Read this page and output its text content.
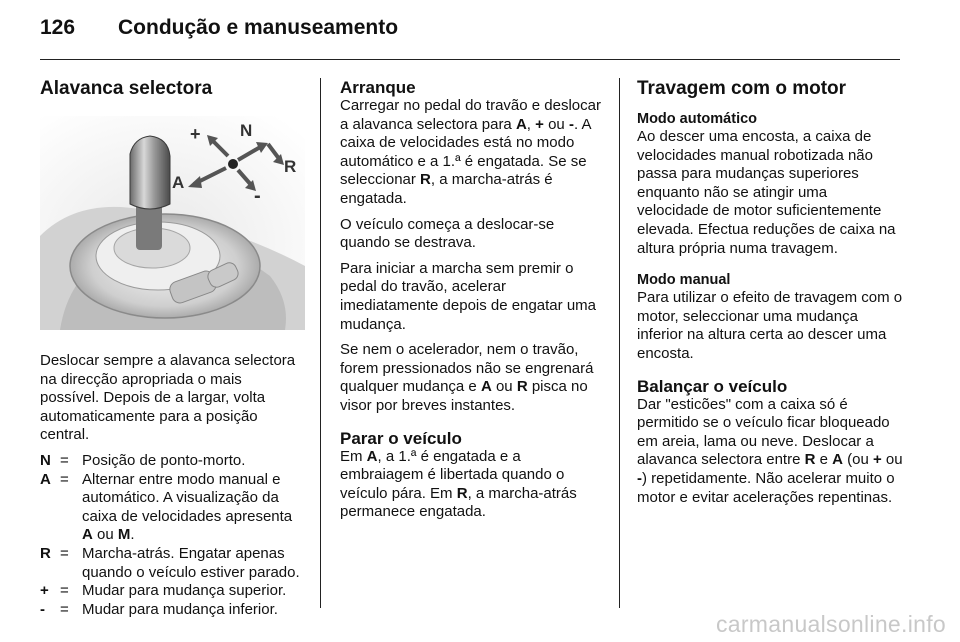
126 Condução e manuseamento
Alavanca selectora
+ N
R
A
-

Deslocar sempre a alavanca selectora na direcção apropriada o mais possível. Depois de a largar, volta automaticamente para a posição central.

N = Posição de ponto-morto.
A = Alternar entre modo manual e automático. A visualização da caixa de velocidades apresenta A ou M.
R = Marcha-atrás. Engatar apenas quando o veículo estiver parado.
+ = Mudar para mudança superior.
-	= Mudar para mudança inferior.
Arranque

Carregar no pedal do travão e deslocar a alavanca selectora para A, + ou -. A caixa de velocidades está no modo automático e a 1.ª é engatada. Se se seleccionar R, a marcha-atrás é engatada.

O veículo começa a deslocar-se quando se destrava.

Para iniciar a marcha sem premir o pedal do travão, acelerar imediatamente depois de engatar uma mudança.

Se nem o acelerador, nem o travão, forem pressionados não se engrenará qualquer mudança e A ou R pisca no visor por breves instantes.

Parar o veículo

Em A, a 1.ª é engatada e a embraiagem é libertada quando o veículo pára. Em R, a marcha-atrás permanece engatada.

Travagem com o motor
Modo automático

Ao descer uma encosta, a caixa de velocidades manual robotizada não passa para mudanças superiores enquanto não se atingir uma velocidade de motor suficientemente elevada. Efectua reduções de caixa na altura própria numa travagem.

Modo manual

Para utilizar o efeito de travagem com o motor, seleccionar uma mudança inferior na altura certa ao descer uma encosta.

Balançar o veículo

Dar "esticões" com a caixa só é permitido se o veículo ficar bloqueado em areia, lama ou neve. Deslocar a alavanca selectora entre R e A (ou + ou -) repetidamente. Não acelerar muito o motor e evitar acelerações repentinas.

carmanualsonline.info
